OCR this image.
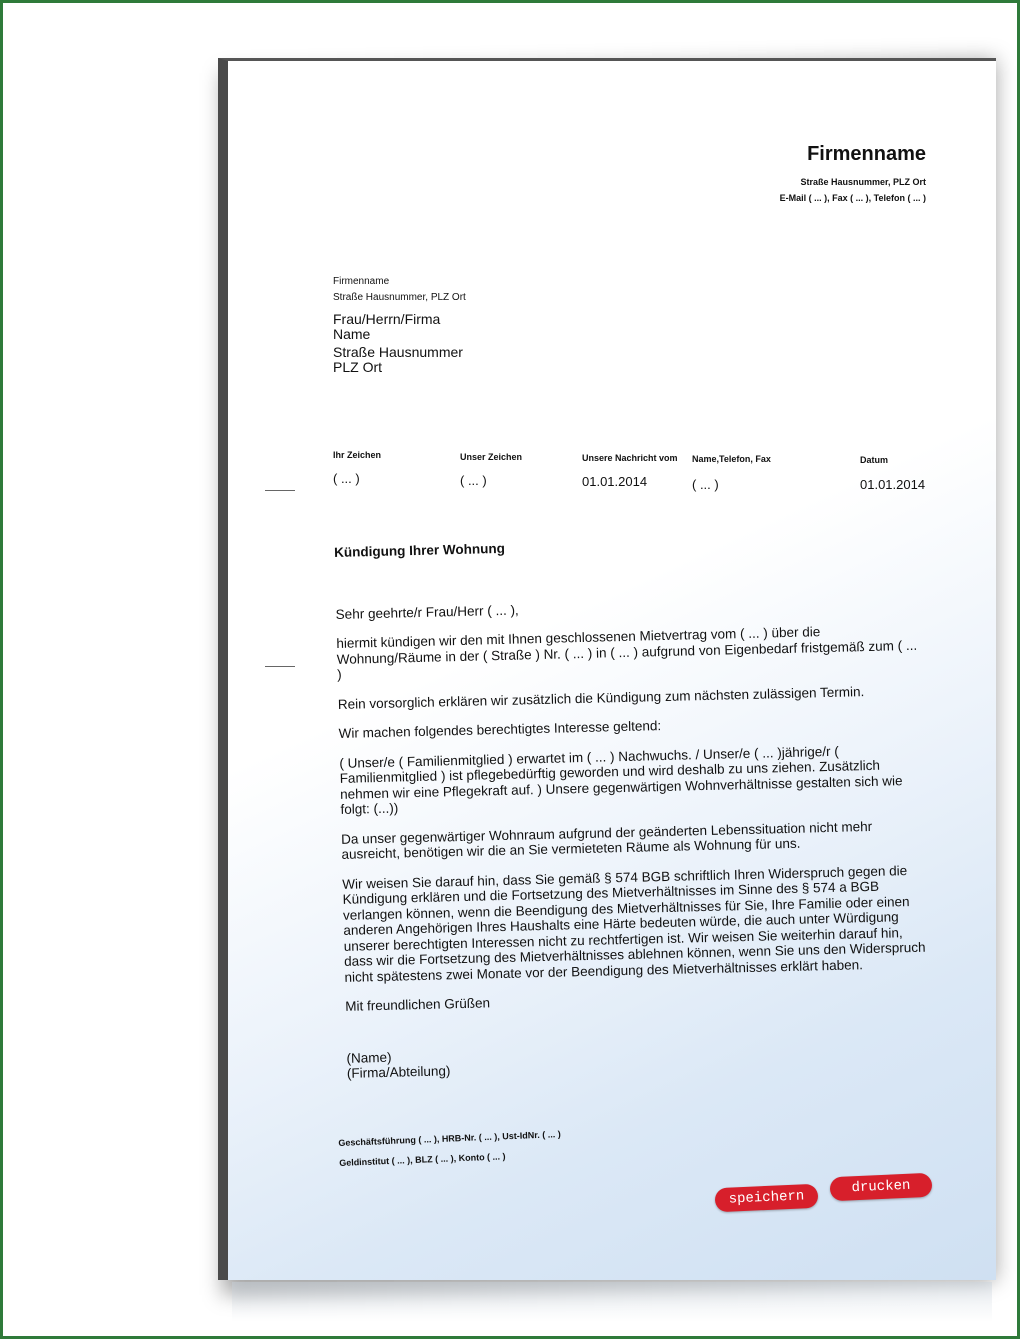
Firmenname
Straße Hausnummer, PLZ Ort
E-Mail ( ... ), Fax ( ... ), Telefon ( ... )
Firmenname
Straße Hausnummer, PLZ Ort
Frau/Herrn/Firma
Name
Straße Hausnummer
PLZ Ort
Ihr Zeichen
( ... )
Unser Zeichen
( ... )
Unsere Nachricht vom
01.01.2014
Name,Telefon, Fax
( ... )
Datum
01.01.2014
Kündigung Ihrer Wohnung

Sehr geehrte/r Frau/Herr ( ... ),

hiermit kündigen wir den mit Ihnen geschlossenen Mietvertrag vom ( ... ) über die Wohnung/Räume in der ( Straße ) Nr. ( ... ) in ( ... ) aufgrund von Eigenbedarf fristgemäß zum ( ... )

Rein vorsorglich erklären wir zusätzlich die Kündigung zum nächsten zulässigen Termin.

Wir machen folgendes berechtigtes Interesse geltend:

( Unser/e ( Familienmitglied ) erwartet im ( ... ) Nachwuchs. / Unser/e ( ... )jährige/r ( Familienmitglied ) ist pflegebedürftig geworden und wird deshalb zu uns ziehen. Zusätzlich nehmen wir eine Pflegekraft auf. ) Unsere gegenwärtigen Wohnverhältnisse gestalten sich wie folgt: (...))

Da unser gegenwärtiger Wohnraum aufgrund der geänderten Lebenssituation nicht mehr ausreicht, benötigen wir die an Sie vermieteten Räume als Wohnung für uns.

Wir weisen Sie darauf hin, dass Sie gemäß § 574 BGB schriftlich Ihren Widerspruch gegen die Kündigung erklären und die Fortsetzung des Mietverhältnisses im Sinne des § 574 a BGB verlangen können, wenn die Beendigung des Mietverhältnisses für Sie, Ihre Familie oder einen anderen Angehörigen Ihres Haushalts eine Härte bedeuten würde, die auch unter Würdigung unserer berechtigten Interessen nicht zu rechtfertigen ist. Wir weisen Sie weiterhin darauf hin, dass wir die Fortsetzung des Mietverhältnisses ablehnen können, wenn Sie uns den Widerspruch nicht spätestens zwei Monate vor der Beendigung des Mietverhältnisses erklärt haben.

Mit freundlichen Grüßen

(Name)
(Firma/Abteilung)
Geschäftsführung ( ... ), HRB-Nr. ( ... ), Ust-IdNr. ( ... )
Geldinstitut ( ... ), BLZ ( ... ), Konto ( ... )
speichern
drucken
